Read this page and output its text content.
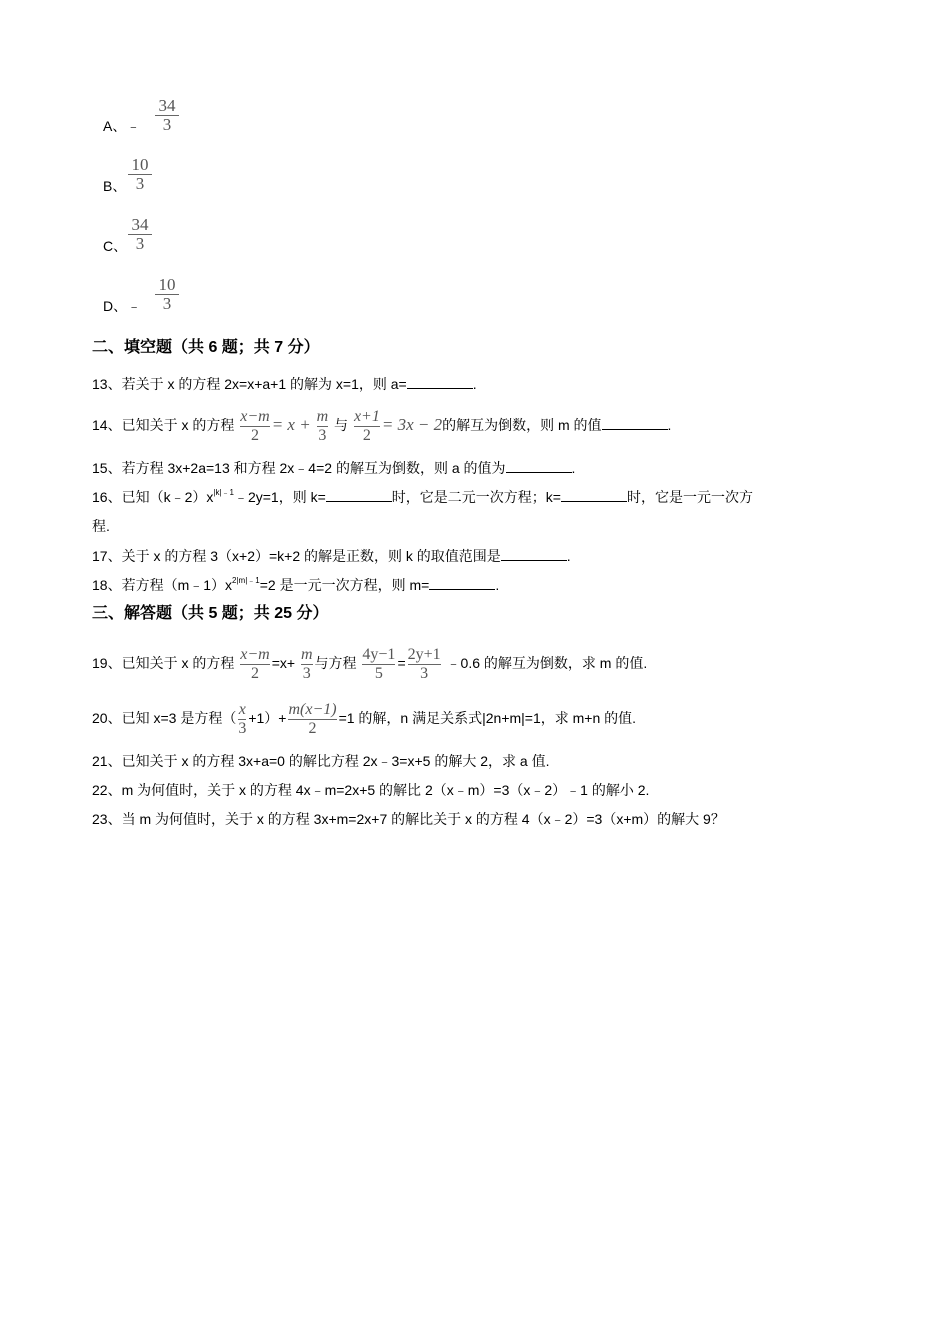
A、﹣
34
3
B、
10
3
C、
34
3
D、﹣
10
3
二、填空题（共 6 题；共 7 分）
13、若关于 x 的方程 2x=x+a+1 的解为 x=1，则 a=	.
14、已知关于 x 的方程 $\frac{x-m}{2} = x + \frac{m}{3}$ 与 $\frac{x+1}{2} = 3x - 2$的解互为倒数，则 m 的值	.
15、若方程 3x+2a=13 和方程 2x﹣4=2 的解互为倒数，则 a 的值为	.
16、已知$(k﹣2)x^{|k|﹣1}﹣2y=1$，则 k=	时，它是二元一次方程；k=	时，它是一元一次方
程.
17、关于 x 的方程 3（x+2）=k+2 的解是正数，则 k 的取值范围是	.
18、若方程$(m﹣1)x^{2|m|﹣1}=2$ 是一元一次方程，则 m=	.
三、解答题（共 5 题；共 25 分）
19、已知关于 x 的方程 $\frac{x-m}{2} =x+ \frac{m}{3}$ 与方程 $\frac{4y-1}{5} = \frac{2y+1}{3}$ ﹣0.6 的解互为倒数，求 m 的值.
20、已知 x=3 是方程（ $\frac{x}{3} +1)+ \frac{m(x-1)}{2} =1$ 的解，n 满足关系式|2n+m|=1，求 m+n 的值.
21、已知关于 x 的方程 3x+a=0 的解比方程 2x﹣3=x+5 的解大 2，求 a 值.
22、m 为何值时，关于 x 的方程 4x﹣m=2x+5 的解比 2（x﹣m）=3（x﹣2）﹣1 的解小 2.
23、当 m 为何值时，关于 x 的方程 3x+m=2x+7 的解比关于 x 的方程 4（x﹣2）=3（x+m）的解大 9？
